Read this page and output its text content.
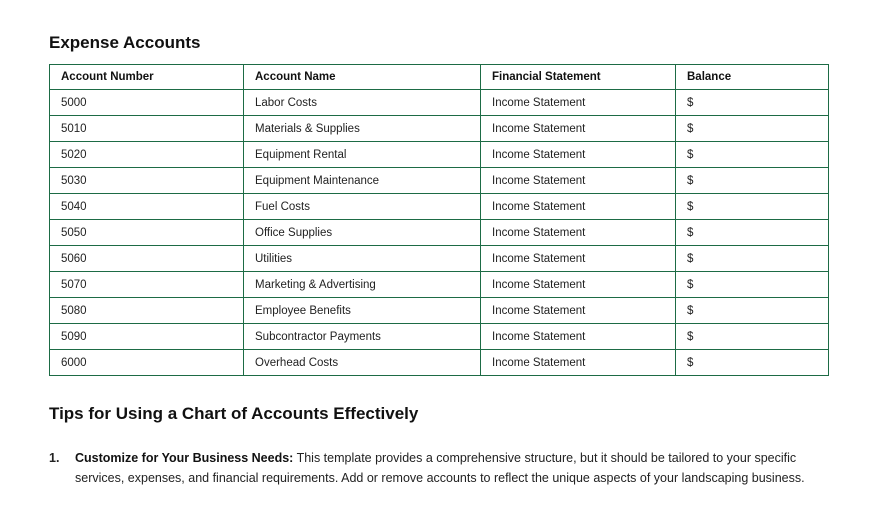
Expense Accounts
Account Number	Account Name	Financial Statement	Balance
5000	Labor Costs	Income Statement	$
5010	Materials & Supplies	Income Statement	$
5020	Equipment Rental	Income Statement	$
5030	Equipment Maintenance	Income Statement	$
5040	Fuel Costs	Income Statement	$
5050	Office Supplies	Income Statement	$
5060	Utilities	Income Statement	$
5070	Marketing & Advertising	Income Statement	$
5080	Employee Benefits	Income Statement	$
5090	Subcontractor Payments	Income Statement	$
6000	Overhead Costs	Income Statement	$
Tips for Using a Chart of Accounts Effectively
1. Customize for Your Business Needs: This template provides a comprehensive structure, but it should be tailored to your specific services, expenses, and financial requirements. Add or remove accounts to reflect the unique aspects of your landscaping business.
